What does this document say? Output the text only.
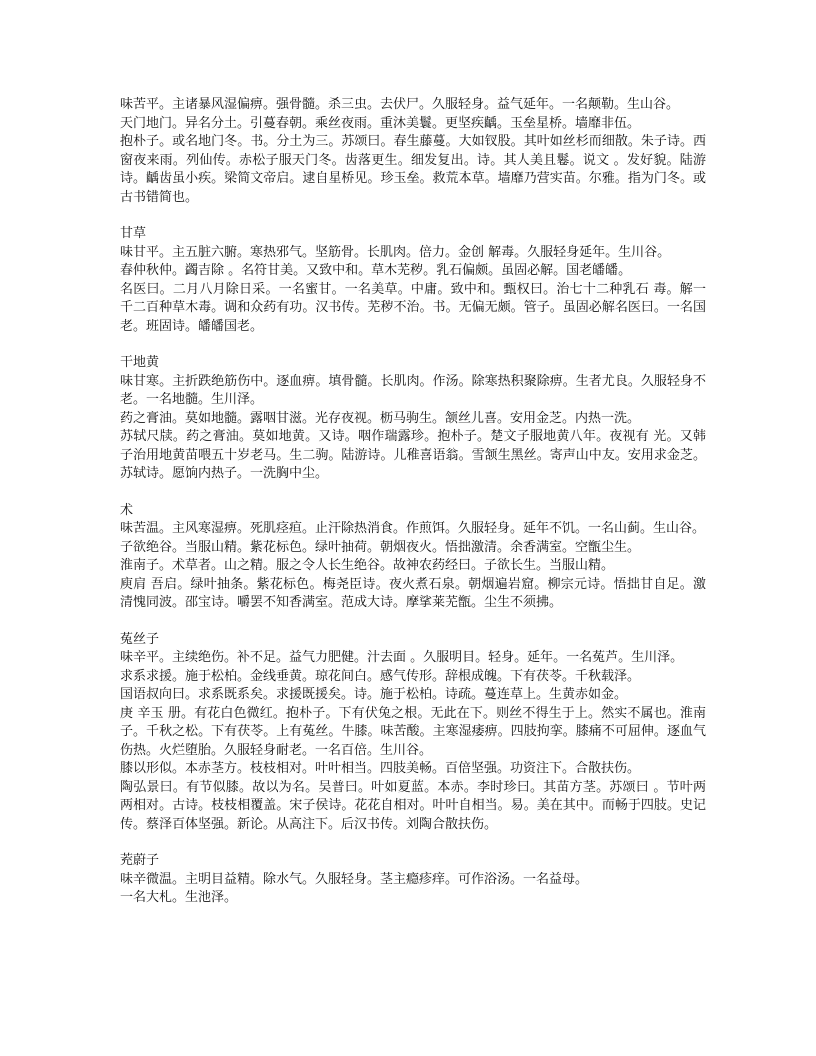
味苦平。主诸暴风湿偏痹。强骨髓。杀三虫。去伏尸。久服轻身。益气延年。一名颠勒。生山谷。

天门地门。异名分土。引蔓春朝。乘丝夜雨。重沐美鬟。更坚疾齲。玉垒星桥。墙靡非伍。

抱朴子。或名地门冬。书。分土为三。苏颂曰。春生藤蔓。大如钗股。其叶如丝杉而细散。朱子诗。西窗夜来雨。列仙传。赤松子服天门冬。齿落更生。细发复出。诗。其人美且鬈。说文 。发好貌。陆游诗。齲齿虽小疾。梁简文帝启。逮自星桥见。珍玉垒。救荒本草。墙靡乃营实苗。尔雅。指为门冬。或古书错简也。

甘草

味甘平。主五脏六腑。寒热邪气。坚筋骨。长肌肉。倍力。金创 解毒。久服轻身延年。生川谷。

春仲秋仲。蠲吉除 。名符甘美。又致中和。草木芜秽。乳石偏颇。虽固必解。国老皤皤。

名医曰。二月八月除日采。一名蜜甘。一名美草。中庸。致中和。甄权曰。治七十二种乳石 毒。解一千二百种草木毒。调和众药有功。汉书传。芜秽不治。书。无偏无颇。管子。虽固必解名医曰。一名国老。班固诗。皤皤国老。

干地黄

味甘寒。主折跌绝筋伤中。逐血痹。填骨髓。长肌肉。作汤。除寒热积聚除痹。生者尤良。久服轻身不老。一名地髓。生川泽。

药之膏油。莫如地髓。露咽甘滋。光存夜视。枥马驹生。颔丝儿喜。安用金芝。内热一洗。

苏轼尺牍。药之膏油。莫如地黄。又诗。咽作瑞露珍。抱朴子。楚文子服地黄八年。夜视有 光。又韩子治用地黄苗喂五十岁老马。生二驹。陆游诗。儿稚喜语翁。雪颔生黑丝。寄声山中友。安用求金芝。苏轼诗。愿饷内热子。一洗胸中尘。

术

味苦温。主风寒湿痹。死肌痉疸。止汗除热消食。作煎饵。久服轻身。延年不饥。一名山蓟。生山谷。

子欲绝谷。当服山精。紫花标色。绿叶抽荷。朝烟夜火。悟拙激清。余香满室。空甑尘生。

淮南子。术草者。山之精。服之令人长生绝谷。故神农药经曰。子欲长生。当服山精。

庾肩 吾启。绿叶抽条。紫花标色。梅尧臣诗。夜火煮石泉。朝烟遍岩窟。柳宗元诗。悟拙甘自足。激清愧同波。邵宝诗。嚼罢不知香满室。范成大诗。摩挲莱芜甑。尘生不须拂。

菟丝子

味辛平。主续绝伤。补不足。益气力肥健。汁去面 。久服明目。轻身。延年。一名菟芦。生川泽。

求系求援。施于松柏。金线垂黄。琼花间白。感气传形。辞根成魄。下有茯苓。千秋载泽。

国语叔向曰。求系既系矣。求援既援矣。诗。施于松柏。诗疏。蔓连草上。生黄赤如金。

庚 辛玉 册。有花白色微红。抱朴子。下有伏兔之根。无此在下。则丝不得生于上。然实不属也。淮南 子。千秋之松。下有茯苓。上有菟丝。牛膝。味苦酸。主寒湿痿痹。四肢拘挛。膝痛不可屈伸。逐血气伤热。火烂堕胎。久服轻身耐老。一名百倍。生川谷。

膝以形似。本赤茎方。枝枝相对。叶叶相当。四肢美畅。百倍坚强。功资注下。合散扶伤。

陶弘景曰。有节似膝。故以为名。吴普曰。叶如夏蓝。本赤。李时珍曰。其苗方茎。苏颂曰 。节叶两两相对。古诗。枝枝相覆盖。宋子侯诗。花花自相对。叶叶自相当。易。美在其中。而畅于四肢。史记传。蔡泽百体坚强。新论。从高注下。后汉书传。刘陶合散扶伤。

茺蔚子

味辛微温。主明目益精。除水气。久服轻身。茎主瘾疹痒。可作浴汤。一名益母。

一名大札。生池泽。
